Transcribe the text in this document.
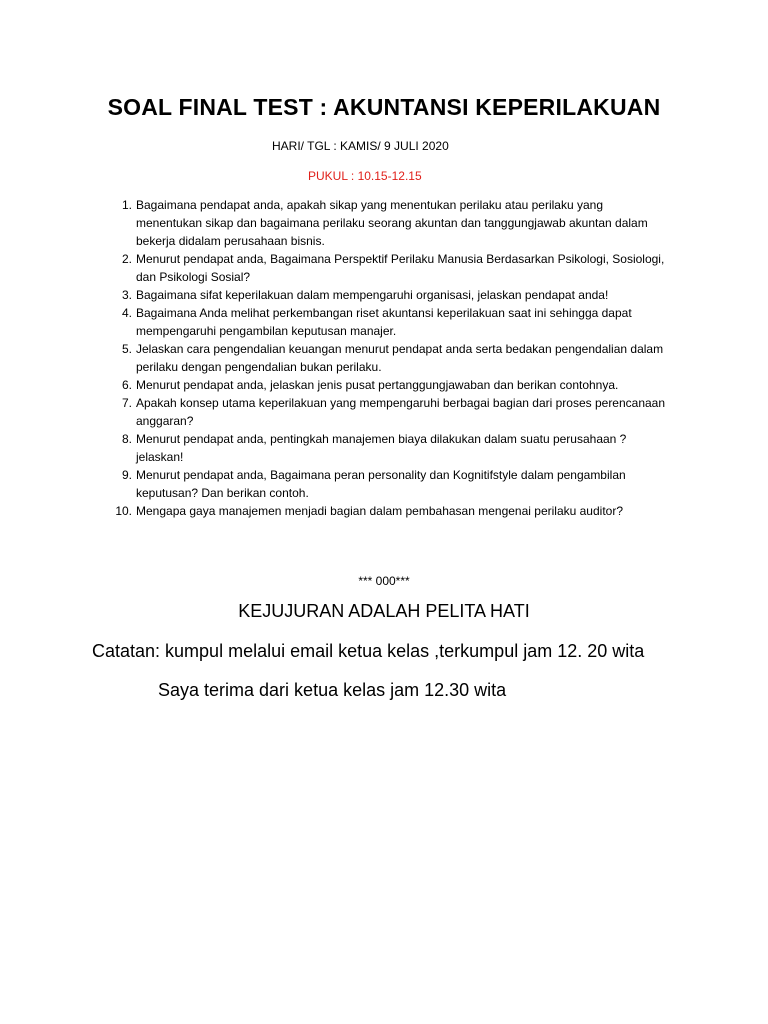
SOAL FINAL TEST : AKUNTANSI KEPERILAKUAN
HARI/ TGL : KAMIS/ 9 JULI 2020
PUKUL : 10.15-12.15
1. Bagaimana pendapat anda, apakah sikap yang menentukan perilaku atau perilaku yang menentukan sikap dan bagaimana perilaku seorang akuntan dan tanggungjawab akuntan dalam bekerja didalam perusahaan bisnis.
2. Menurut pendapat anda, Bagaimana Perspektif Perilaku Manusia Berdasarkan Psikologi, Sosiologi, dan Psikologi Sosial?
3. Bagaimana sifat keperilakuan dalam mempengaruhi organisasi, jelaskan pendapat anda!
4. Bagaimana Anda melihat perkembangan riset akuntansi keperilakuan saat ini sehingga dapat mempengaruhi pengambilan keputusan manajer.
5. Jelaskan cara pengendalian keuangan menurut pendapat anda serta bedakan pengendalian dalam perilaku dengan pengendalian bukan perilaku.
6. Menurut pendapat anda, jelaskan jenis pusat pertanggungjawaban dan berikan contohnya.
7. Apakah konsep utama keperilakuan yang mempengaruhi berbagai bagian dari proses perencanaan anggaran?
8. Menurut pendapat anda, pentingkah manajemen biaya dilakukan dalam suatu perusahaan ? jelaskan!
9. Menurut pendapat anda, Bagaimana peran personality dan Kognitifstyle dalam pengambilan keputusan? Dan berikan contoh.
10. Mengapa gaya manajemen menjadi bagian dalam pembahasan mengenai perilaku auditor?
*** 000***
KEJUJURAN ADALAH PELITA HATI
Catatan: kumpul melalui email ketua kelas ,terkumpul jam 12. 20 wita
Saya terima dari ketua kelas jam 12.30 wita
